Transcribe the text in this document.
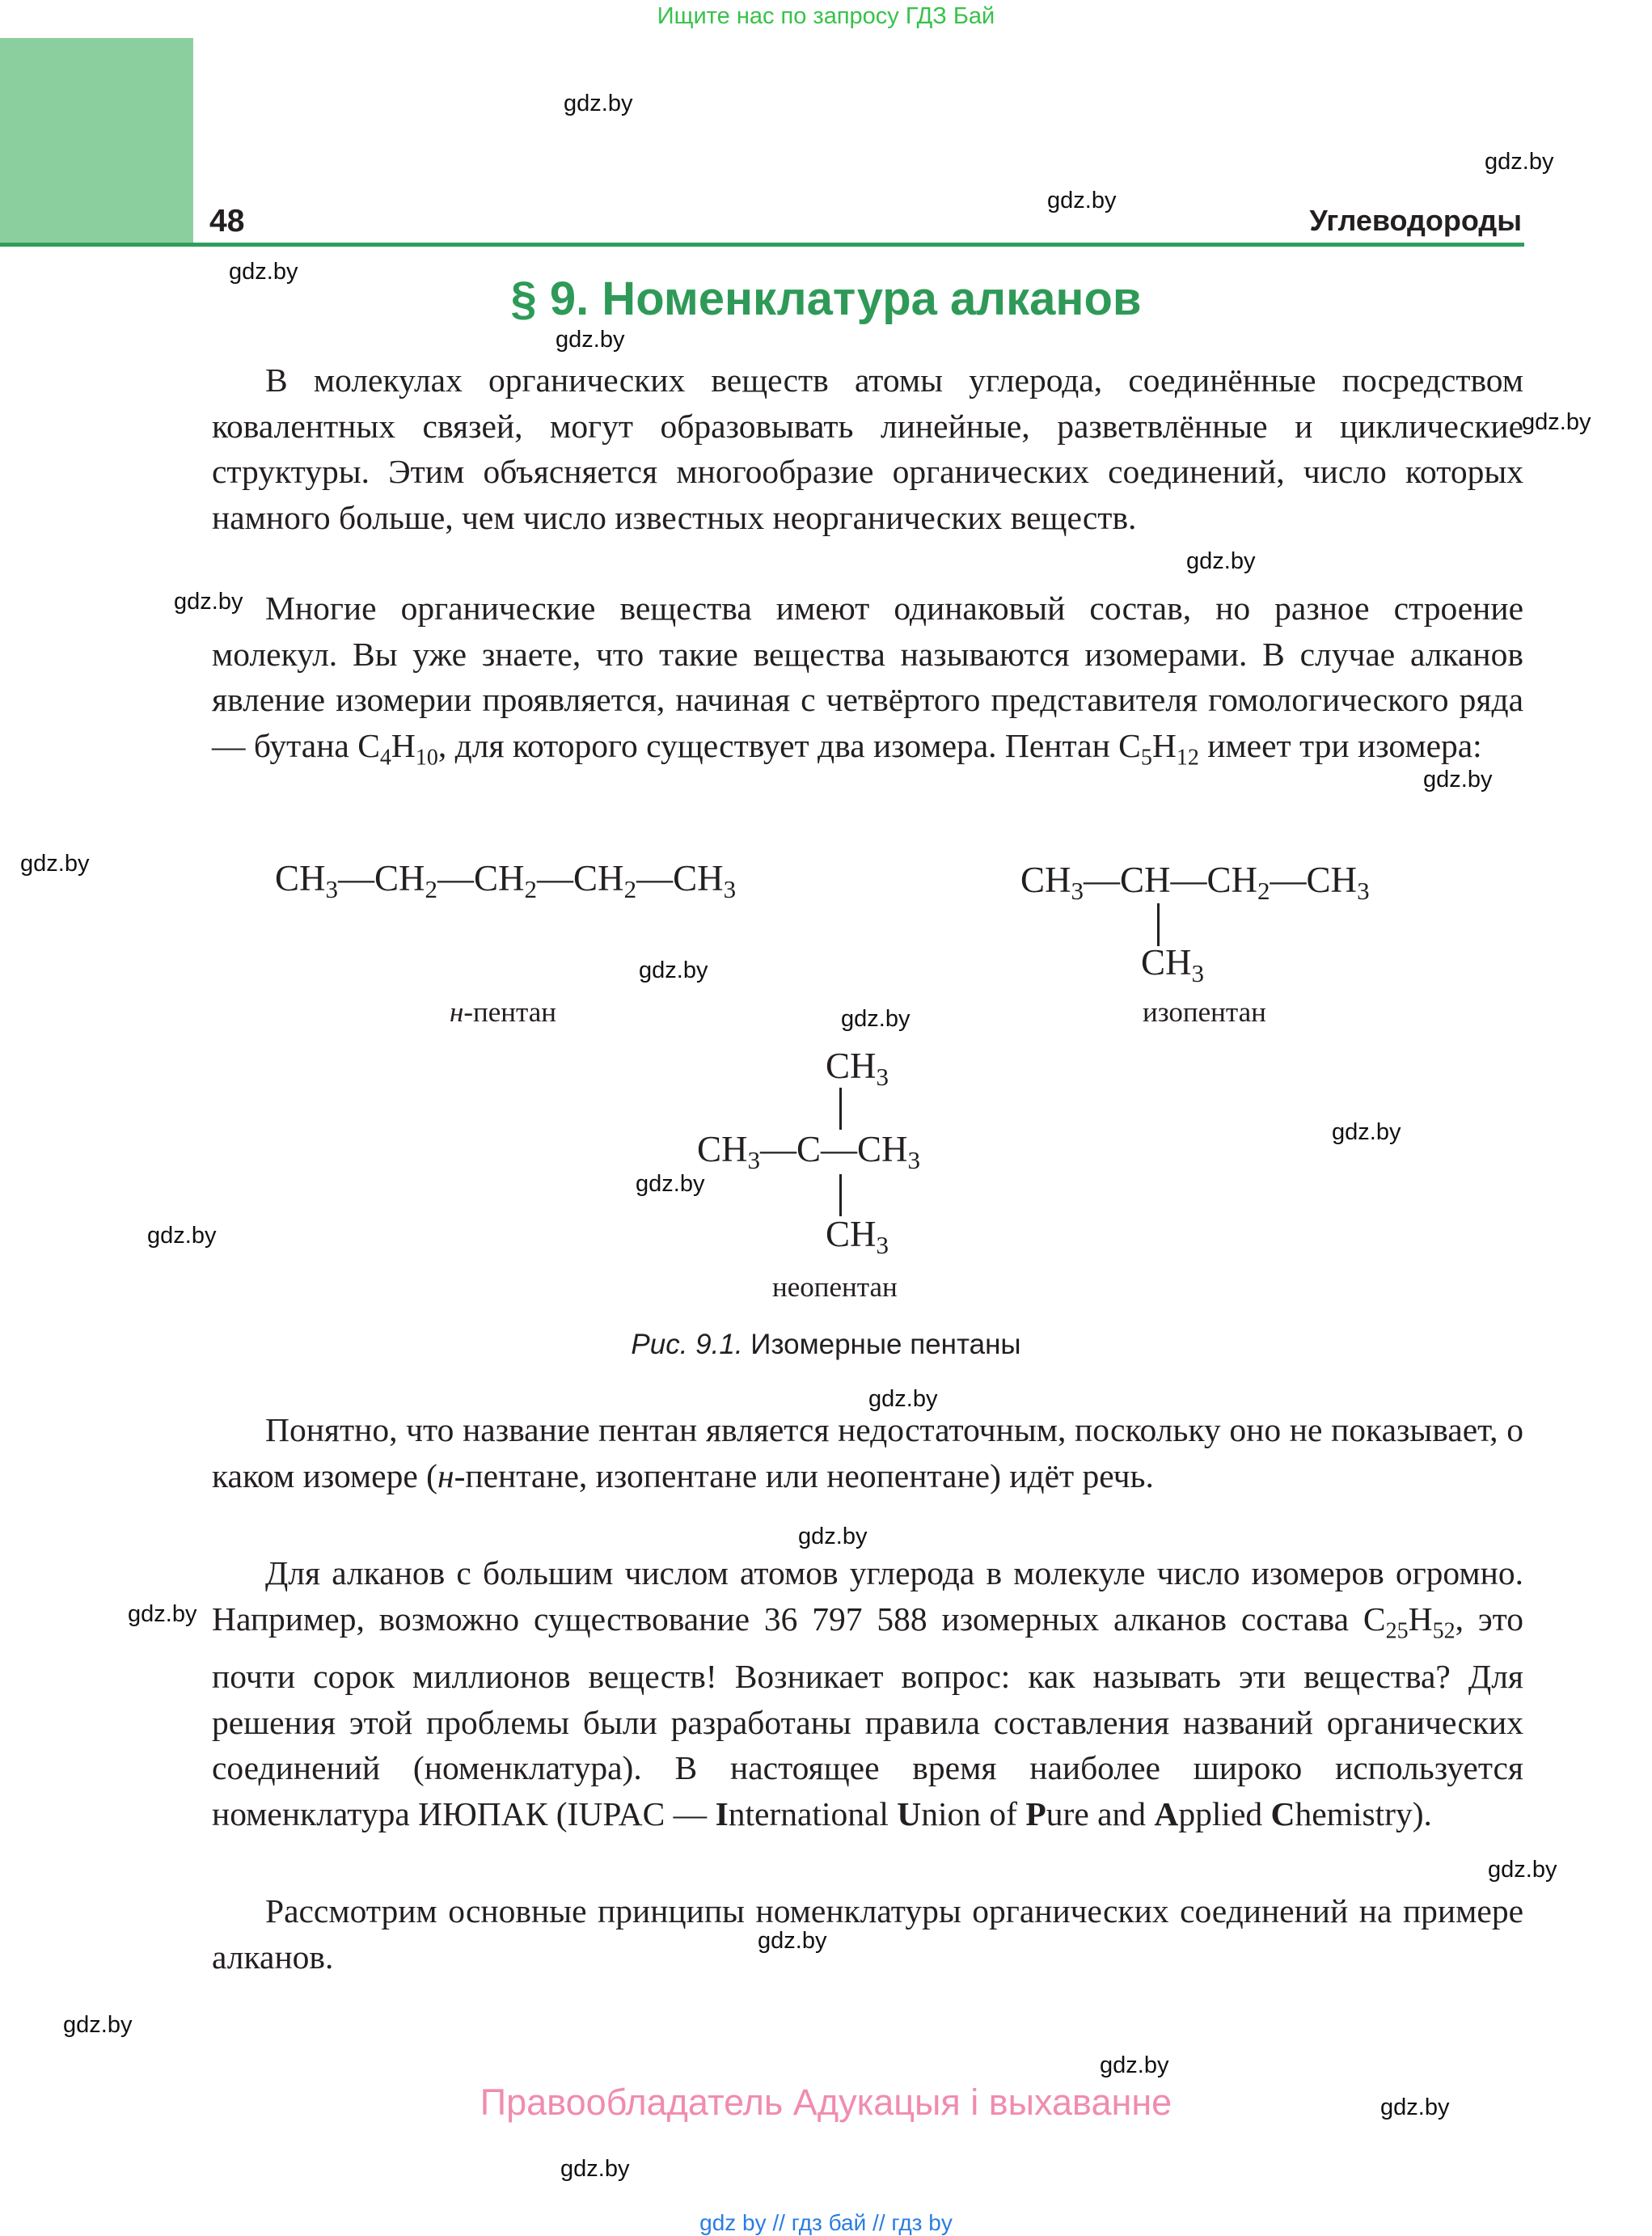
Ищите нас по запросу ГДЗ Бай
48	Углеводороды
§ 9. Номенклатура алканов

В молекулах органических веществ атомы углерода, соединённые посредством ковалентных связей, могут образовывать линейные, разветвлённые и циклические структуры. Этим объясняется многообразие органических соединений, число которых намного больше, чем число известных неорганических веществ.

Многие органические вещества имеют одинаковый состав, но разное строение молекул. Вы уже знаете, что такие вещества называются изомерами. В случае алканов явление изомерии проявляется, начиная с четвёртого представителя гомологического ряда — бутана $C_4H_{10}$, для которого существует два изомера. Пентан $C_5H_{12}$ имеет три изомера:

$CH_3—CH_2—CH_2—CH_2—CH_3$
н-пентан
$CH_3—CH—CH_2—CH_3$
$CH_3$
изопентан
$CH_3$
$CH_3—C—CH_3$
$CH_3$
неопентан
Рис. 9.1. Изомерные пентаны

Понятно, что название пентан является недостаточным, поскольку оно не показывает, о каком изомере (н-пентане, изопентане или неопентане) идёт речь.

Для алканов с большим числом атомов углерода в молекуле число изомеров огромно. Например, возможно существование 36 797 588 изомерных алканов состава $C_{25}H_{52}$, это почти сорок миллионов веществ! Возникает вопрос: как называть эти вещества? Для решения этой проблемы были разработаны правила составления названий органических соединений (номенклатура). В настоящее время наиболее широко используется номенклатура ИЮПАК (IUPAC — International Union of Pure and Applied Chemistry).

Рассмотрим основные принципы номенклатуры органических соединений на примере алканов.

gdz.by
gdz.by
gdz.by
gdz.by
gdz.by
gdz.by
gdz.by
gdz.by
gdz.by
gdz.by
gdz.by
gdz.by
gdz.by
gdz.by
gdz.by
gdz.by
gdz.by
gdz.by
gdz.by
gdz.by
gdz.by
gdz.by
gdz.by
gdz.by
Правообладатель Адукацыя і выхаванне
gdz by // гдз бай // гдз by
